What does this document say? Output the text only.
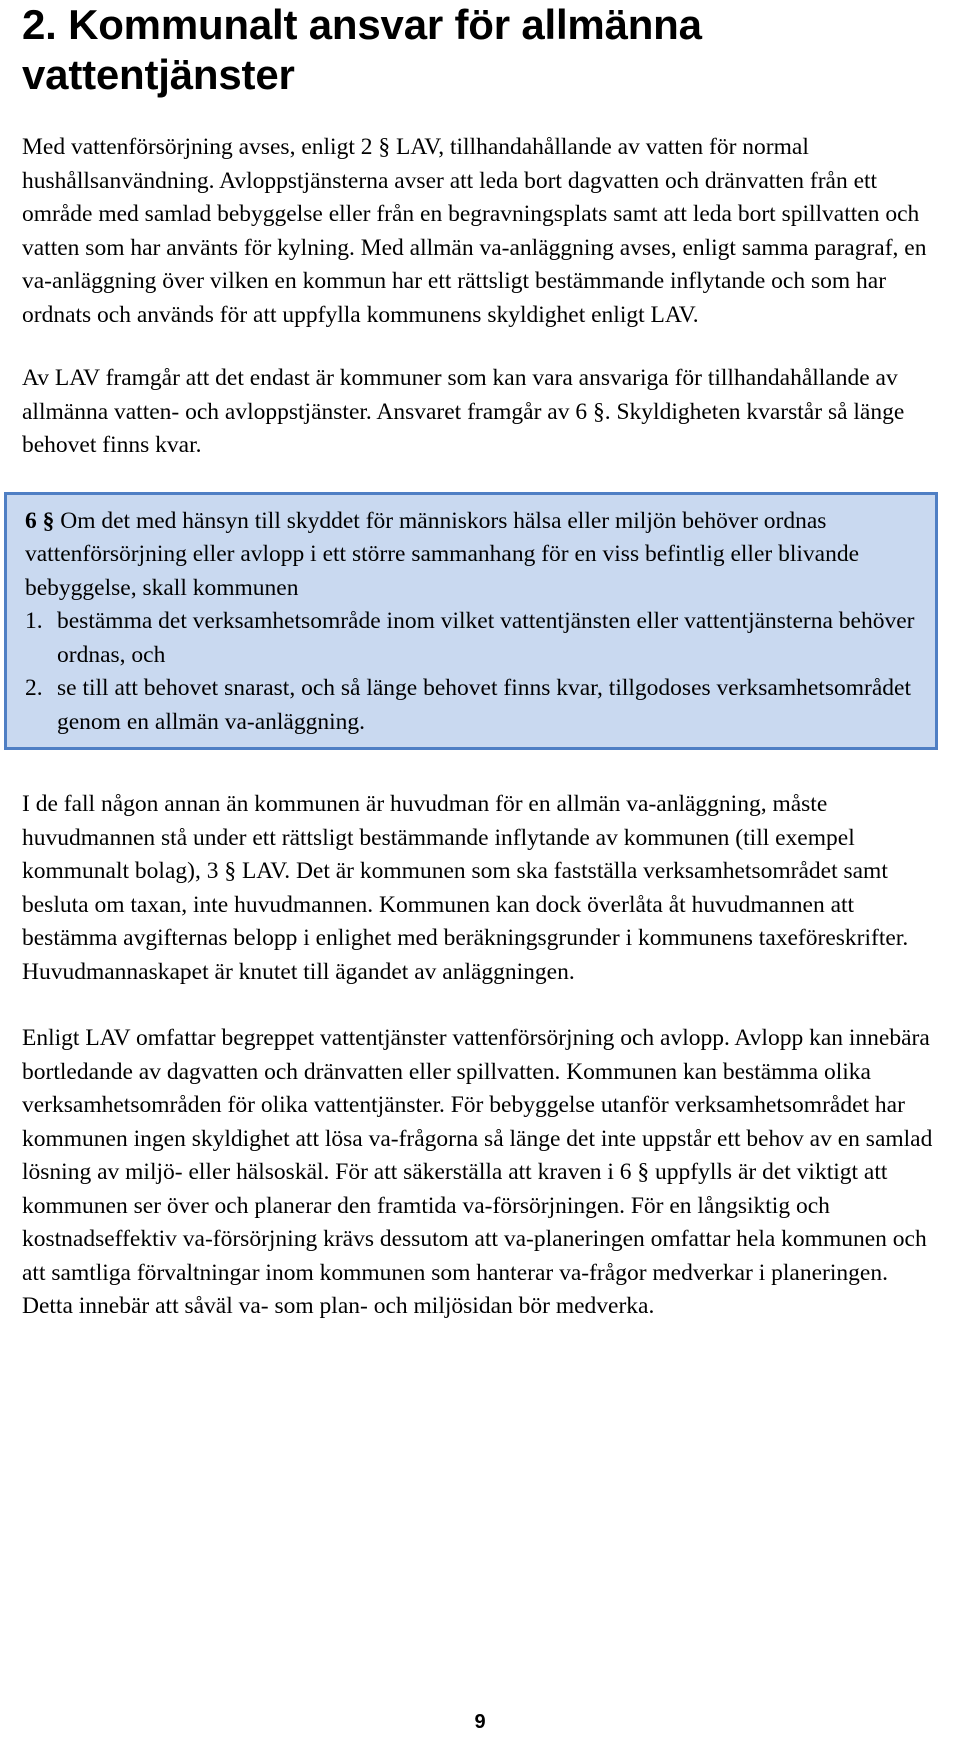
2. Kommunalt ansvar för allmänna vattentjänster

Med vattenförsörjning avses, enligt 2 § LAV, tillhandahållande av vatten för normal hushållsanvändning. Avloppstjänsterna avser att leda bort dagvatten och dränvatten från ett område med samlad bebyggelse eller från en begravningsplats samt att leda bort spillvatten och vatten som har använts för kylning. Med allmän va-anläggning avses, enligt samma paragraf, en va-anläggning över vilken en kommun har ett rättsligt bestämmande inflytande och som har ordnats och används för att uppfylla kommunens skyldighet enligt LAV.

Av LAV framgår att det endast är kommuner som kan vara ansvariga för tillhandahållande av allmänna vatten- och avloppstjänster. Ansvaret framgår av 6 §. Skyldigheten kvarstår så länge behovet finns kvar.

6 § Om det med hänsyn till skyddet för människors hälsa eller miljön behöver ordnas vattenförsörjning eller avlopp i ett större sammanhang för en viss befintlig eller blivande bebyggelse, skall kommunen
1. bestämma det verksamhetsområde inom vilket vattentjänsten eller vattentjänsterna behöver ordnas, och
2. se till att behovet snarast, och så länge behovet finns kvar, tillgodoses verksamhetsområdet genom en allmän va-anläggning.

I de fall någon annan än kommunen är huvudman för en allmän va-anläggning, måste huvudmannen stå under ett rättsligt bestämmande inflytande av kommunen (till exempel kommunalt bolag), 3 § LAV. Det är kommunen som ska fastställa verksamhetsområdet samt besluta om taxan, inte huvudmannen. Kommunen kan dock överlåta åt huvudmannen att bestämma avgifternas belopp i enlighet med beräkningsgrunder i kommunens taxeföreskrifter. Huvudmannaskapet är knutet till ägandet av anläggningen.

Enligt LAV omfattar begreppet vattentjänster vattenförsörjning och avlopp. Avlopp kan innebära bortledande av dagvatten och dränvatten eller spillvatten. Kommunen kan bestämma olika verksamhetsområden för olika vattentjänster. För bebyggelse utanför verksamhetsområdet har kommunen ingen skyldighet att lösa va-frågorna så länge det inte uppstår ett behov av en samlad lösning av miljö- eller hälsoskäl. För att säkerställa att kraven i 6 § uppfylls är det viktigt att kommunen ser över och planerar den framtida va-försörjningen. För en långsiktig och kostnadseffektiv va-försörjning krävs dessutom att va-planeringen omfattar hela kommunen och att samtliga förvaltningar inom kommunen som hanterar va-frågor medverkar i planeringen. Detta innebär att såväl va- som plan- och miljösidan bör medverka.

9
